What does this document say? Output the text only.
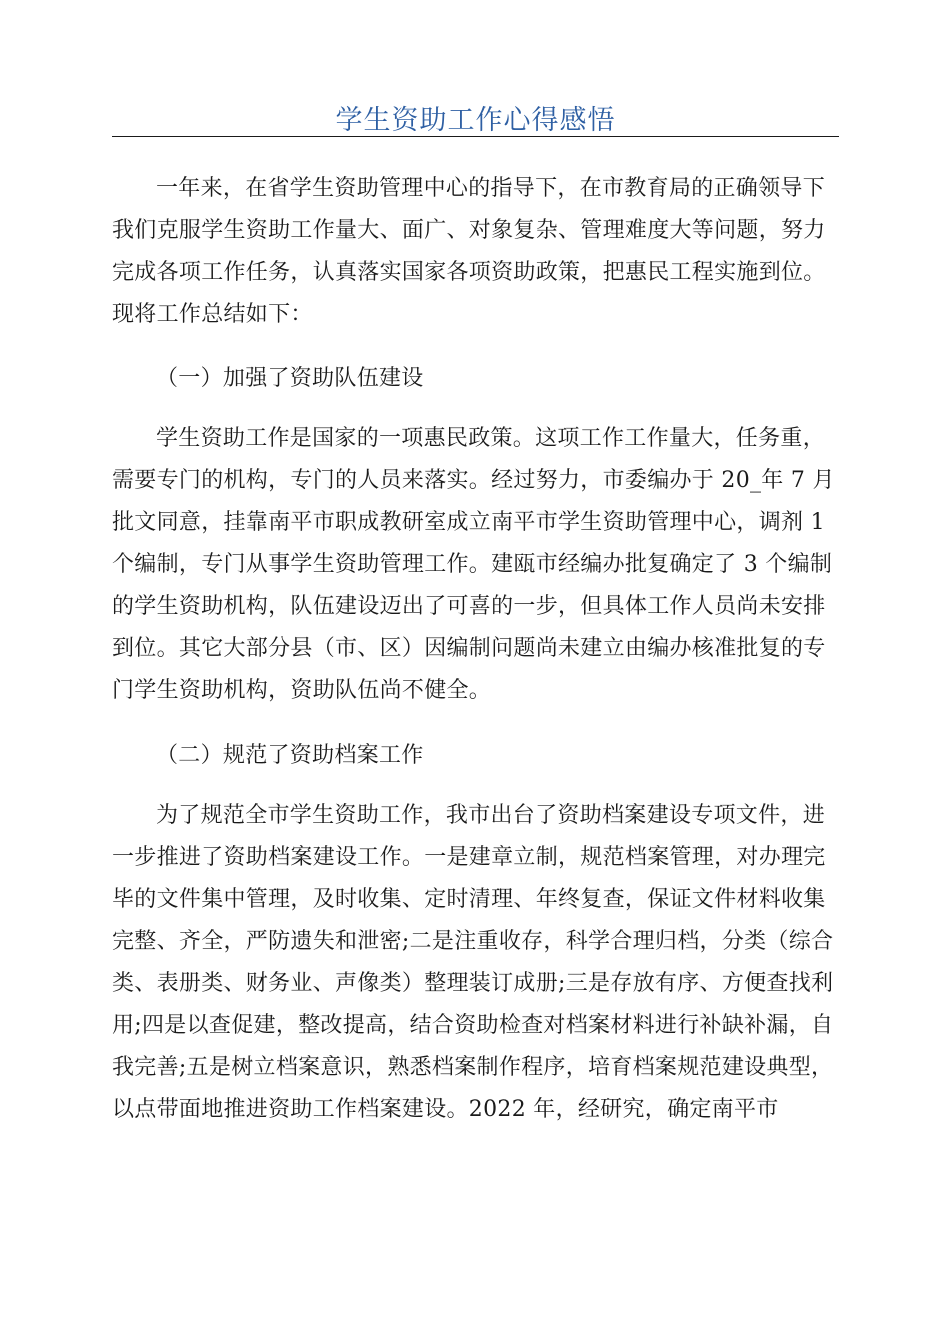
学生资助工作心得感悟
一年来，在省学生资助管理中心的指导下，在市教育局的正确领导下
我们克服学生资助工作量大、面广、对象复杂、管理难度大等问题，努力
完成各项工作任务，认真落实国家各项资助政策，把惠民工程实施到位。
现将工作总结如下：
（一）加强了资助队伍建设
学生资助工作是国家的一项惠民政策。这项工作工作量大，任务重，
需要专门的机构，专门的人员来落实。经过努力，市委编办于 20_年 7 月
批文同意，挂靠南平市职成教研室成立南平市学生资助管理中心，调剂 1
个编制，专门从事学生资助管理工作。建瓯市经编办批复确定了 3 个编制
的学生资助机构，队伍建设迈出了可喜的一步，但具体工作人员尚未安排
到位。其它大部分县（市、区）因编制问题尚未建立由编办核准批复的专
门学生资助机构，资助队伍尚不健全。
（二）规范了资助档案工作
为了规范全市学生资助工作，我市出台了资助档案建设专项文件，进
一步推进了资助档案建设工作。一是建章立制，规范档案管理，对办理完
毕的文件集中管理，及时收集、定时清理、年终复查，保证文件材料收集
完整、齐全，严防遗失和泄密;二是注重收存，科学合理归档，分类（综合
类、表册类、财务业、声像类）整理装订成册;三是存放有序、方便查找利
用;四是以查促建，整改提高，结合资助检查对档案材料进行补缺补漏，自
我完善;五是树立档案意识，熟悉档案制作程序，培育档案规范建设典型，
以点带面地推进资助工作档案建设。2022 年，经研究，确定南平市
